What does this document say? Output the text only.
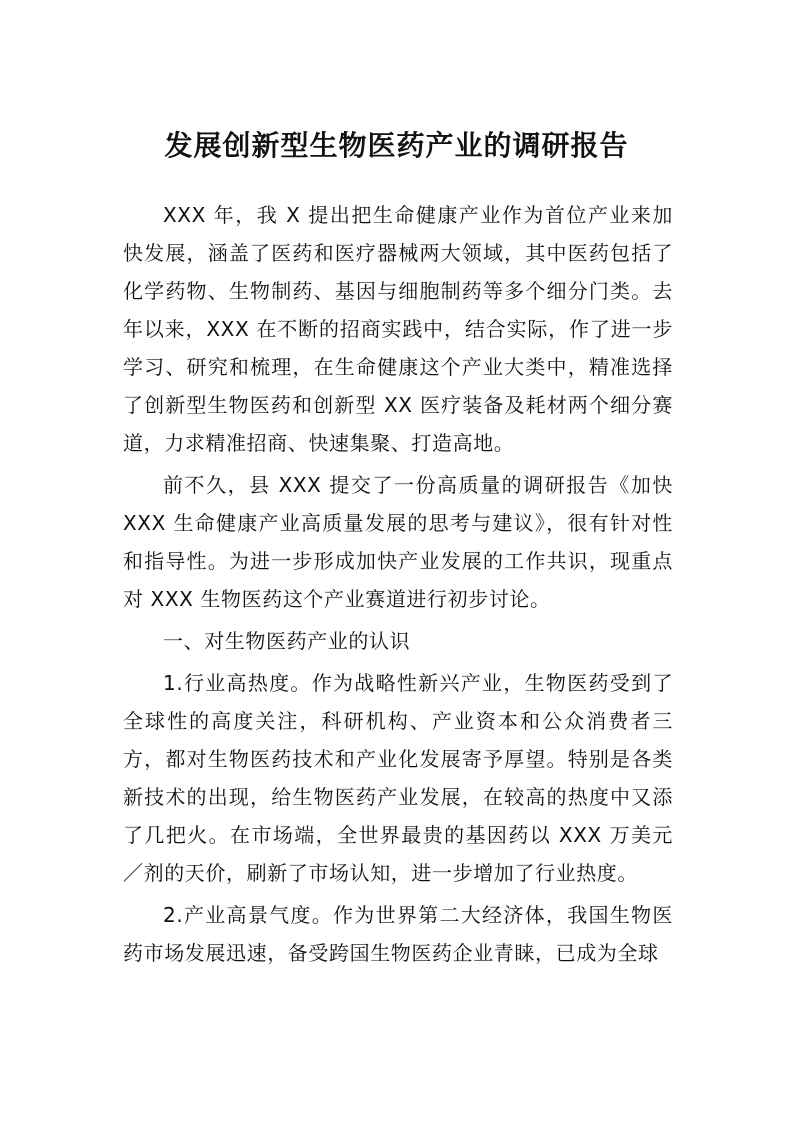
发展创新型生物医药产业的调研报告

XXX 年，我 X 提出把生命健康产业作为首位产业来加快发展，涵盖了医药和医疗器械两大领域，其中医药包括了化学药物、生物制药、基因与细胞制药等多个细分门类。去年以来，XXX 在不断的招商实践中，结合实际，作了进一步学习、研究和梳理，在生命健康这个产业大类中，精准选择了创新型生物医药和创新型 XX 医疗装备及耗材两个细分赛道，力求精准招商、快速集聚、打造高地。

前不久，县 XXX 提交了一份高质量的调研报告《加快 XXX 生命健康产业高质量发展的思考与建议》，很有针对性和指导性。为进一步形成加快产业发展的工作共识，现重点对 XXX 生物医药这个产业赛道进行初步讨论。

一、对生物医药产业的认识

1.行业高热度。作为战略性新兴产业，生物医药受到了全球性的高度关注，科研机构、产业资本和公众消费者三方，都对生物医药技术和产业化发展寄予厚望。特别是各类新技术的出现，给生物医药产业发展，在较高的热度中又添了几把火。在市场端，全世界最贵的基因药以 XXX 万美元／剂的天价，刷新了市场认知，进一步增加了行业热度。

2.产业高景气度。作为世界第二大经济体，我国生物医药市场发展迅速，备受跨国生物医药企业青睐，已成为全球
